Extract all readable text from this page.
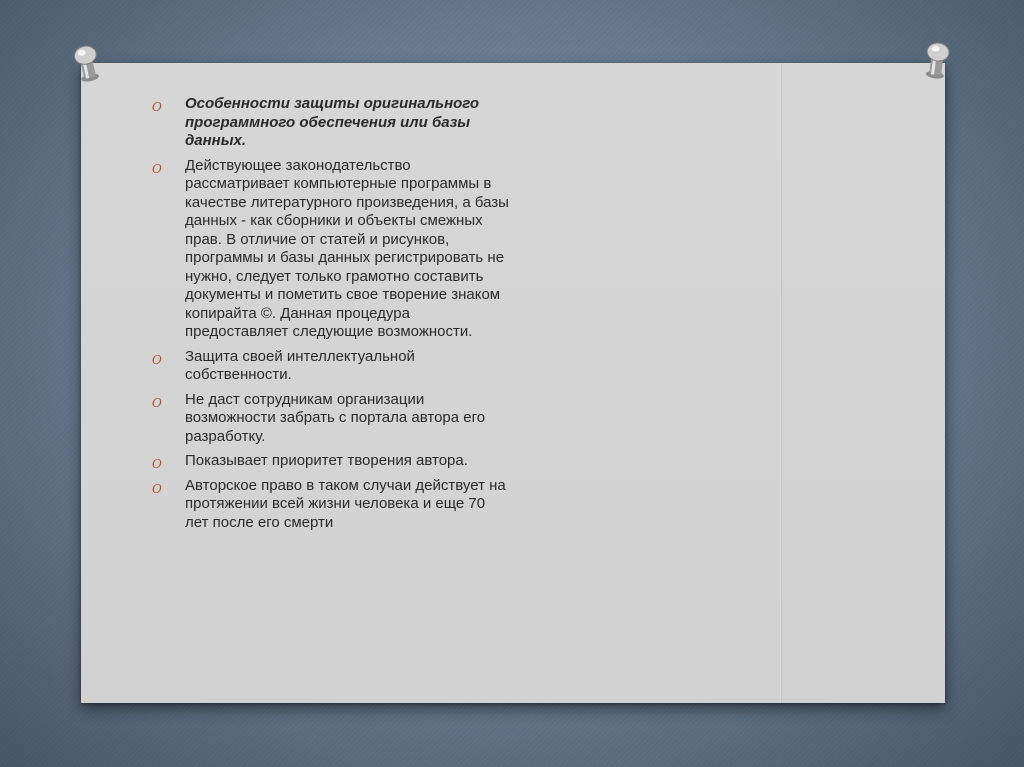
O Особенности защиты оригинального программного обеспечения или базы данных.
O Действующее законодательство рассматривает компьютерные программы в качестве литературного произведения, а базы данных - как сборники и объекты смежных прав. В отличие от статей и рисунков, программы и базы данных регистрировать не нужно, следует только грамотно составить документы и пометить свое творение знаком копирайта ©. Данная процедура предоставляет следующие возможности.
O Защита своей интеллектуальной собственности.
O Не даст сотрудникам организации возможности забрать с портала автора его разработку.
O Показывает приоритет творения автора.
O Авторское право в таком случаи действует на протяжении всей жизни человека и еще 70 лет после его смерти
